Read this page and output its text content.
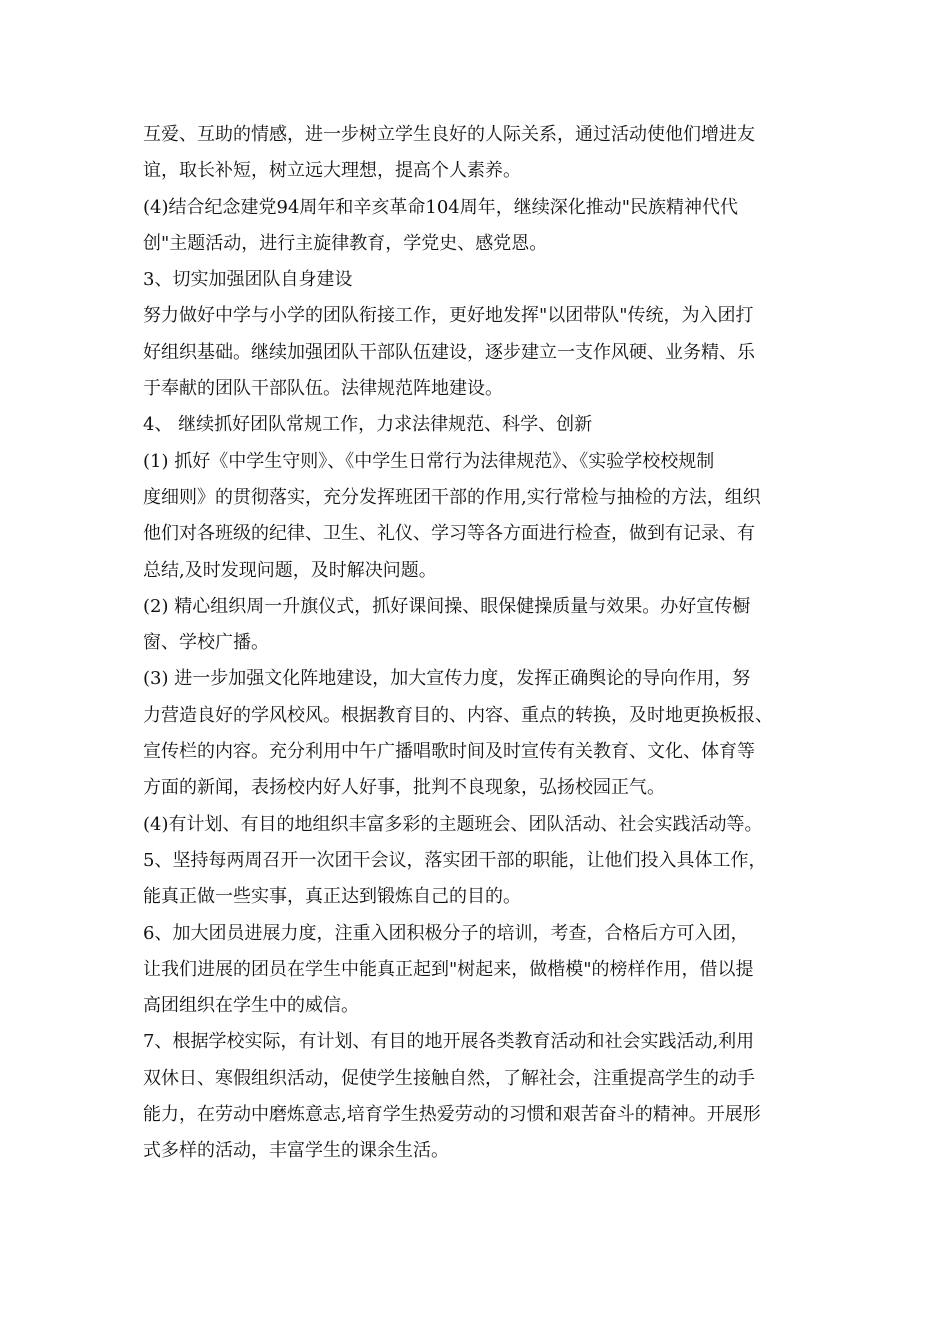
互爱、互助的情感，进一步树立学生良好的人际关系，通过活动使他们增进友
谊，取长补短，树立远大理想，提高个人素养。
(4)结合纪念建党94周年和辛亥革命104周年，继续深化推动"民族精神代代
创"主题活动，进行主旋律教育，学党史、感党恩。
3、切实加强团队自身建设
努力做好中学与小学的团队衔接工作，更好地发挥"以团带队"传统，为入团打
好组织基础。继续加强团队干部队伍建设，逐步建立一支作风硬、业务精、乐
于奉献的团队干部队伍。法律规范阵地建设。
4、 继续抓好团队常规工作，力求法律规范、科学、创新
(1) 抓好《中学生守则》、《中学生日常行为法律规范》、《实验学校校规制
度细则》的贯彻落实，充分发挥班团干部的作用,实行常检与抽检的方法，组织
他们对各班级的纪律、卫生、礼仪、学习等各方面进行检查，做到有记录、有
总结,及时发现问题，及时解决问题。
(2) 精心组织周一升旗仪式，抓好课间操、眼保健操质量与效果。办好宣传橱
窗、学校广播。
(3) 进一步加强文化阵地建设，加大宣传力度，发挥正确舆论的导向作用，努
力营造良好的学风校风。根据教育目的、内容、重点的转换，及时地更换板报、
宣传栏的内容。充分利用中午广播唱歌时间及时宣传有关教育、文化、体育等
方面的新闻，表扬校内好人好事，批判不良现象，弘扬校园正气。
(4)有计划、有目的地组织丰富多彩的主题班会、团队活动、社会实践活动等。
5、坚持每两周召开一次团干会议，落实团干部的职能，让他们投入具体工作，
能真正做一些实事，真正达到锻炼自己的目的。
6、加大团员进展力度，注重入团积极分子的培训，考查，合格后方可入团，
让我们进展的团员在学生中能真正起到"树起来，做楷模"的榜样作用，借以提
高团组织在学生中的威信。
7、根据学校实际，有计划、有目的地开展各类教育活动和社会实践活动,利用
双休日、寒假组织活动，促使学生接触自然，了解社会，注重提高学生的动手
能力，在劳动中磨炼意志,培育学生热爱劳动的习惯和艰苦奋斗的精神。开展形
式多样的活动，丰富学生的课余生活。
